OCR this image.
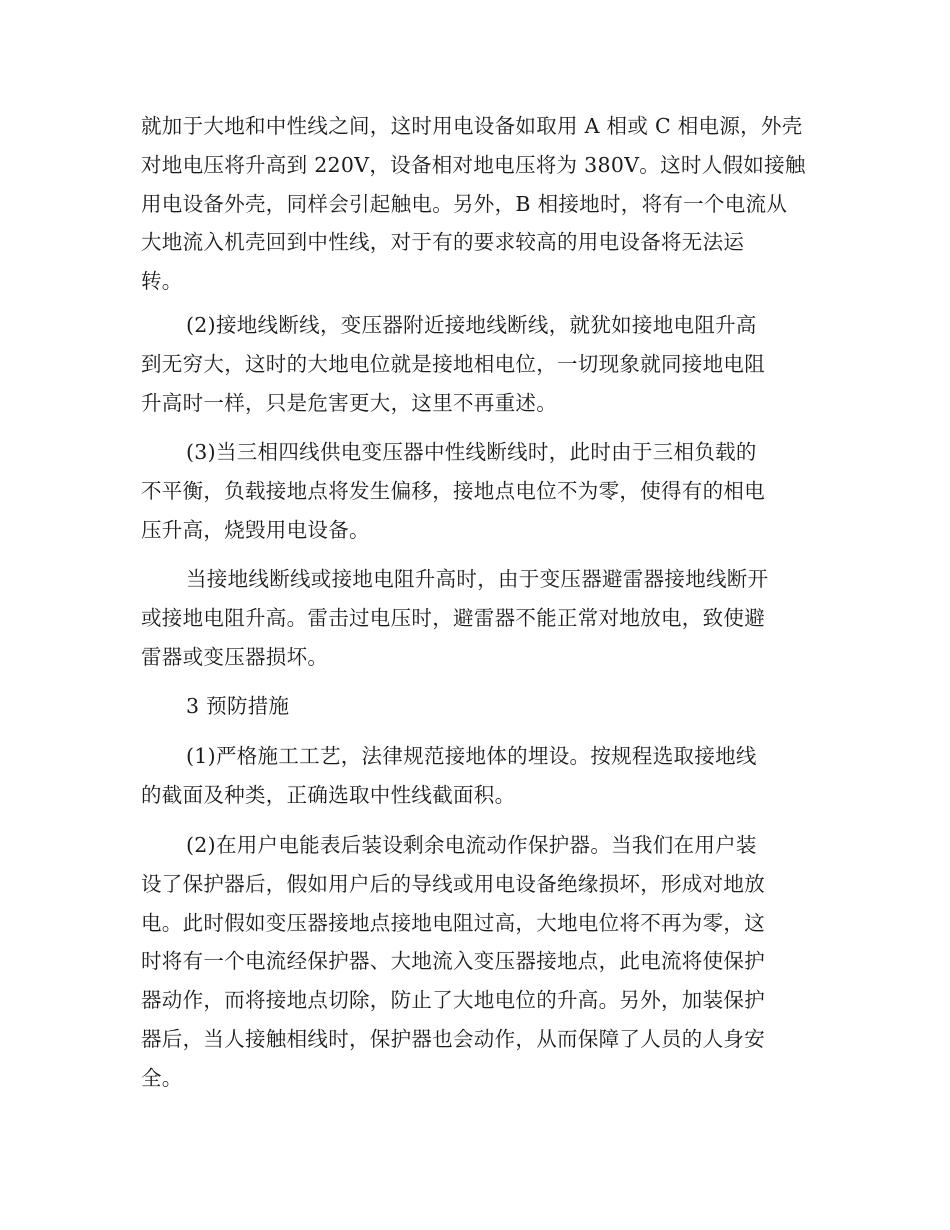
就加于大地和中性线之间，这时用电设备如取用 A 相或 C 相电源，外壳
对地电压将升高到 220V，设备相对地电压将为 380V。这时人假如接触
用电设备外壳，同样会引起触电。另外，B 相接地时，将有一个电流从
大地流入机壳回到中性线，对于有的要求较高的用电设备将无法运
转。

(2)接地线断线，变压器附近接地线断线，就犹如接地电阻升高
到无穷大，这时的大地电位就是接地相电位，一切现象就同接地电阻
升高时一样，只是危害更大，这里不再重述。

(3)当三相四线供电变压器中性线断线时，此时由于三相负载的
不平衡，负载接地点将发生偏移，接地点电位不为零，使得有的相电
压升高，烧毁用电设备。

当接地线断线或接地电阻升高时，由于变压器避雷器接地线断开
或接地电阻升高。雷击过电压时，避雷器不能正常对地放电，致使避
雷器或变压器损坏。

3 预防措施

(1)严格施工工艺，法律规范接地体的埋设。按规程选取接地线
的截面及种类，正确选取中性线截面积。

(2)在用户电能表后装设剩余电流动作保护器。当我们在用户装
设了保护器后，假如用户后的导线或用电设备绝缘损坏，形成对地放
电。此时假如变压器接地点接地电阻过高，大地电位将不再为零，这
时将有一个电流经保护器、大地流入变压器接地点，此电流将使保护
器动作，而将接地点切除，防止了大地电位的升高。另外，加装保护
器后，当人接触相线时，保护器也会动作，从而保障了人员的人身安
全。
